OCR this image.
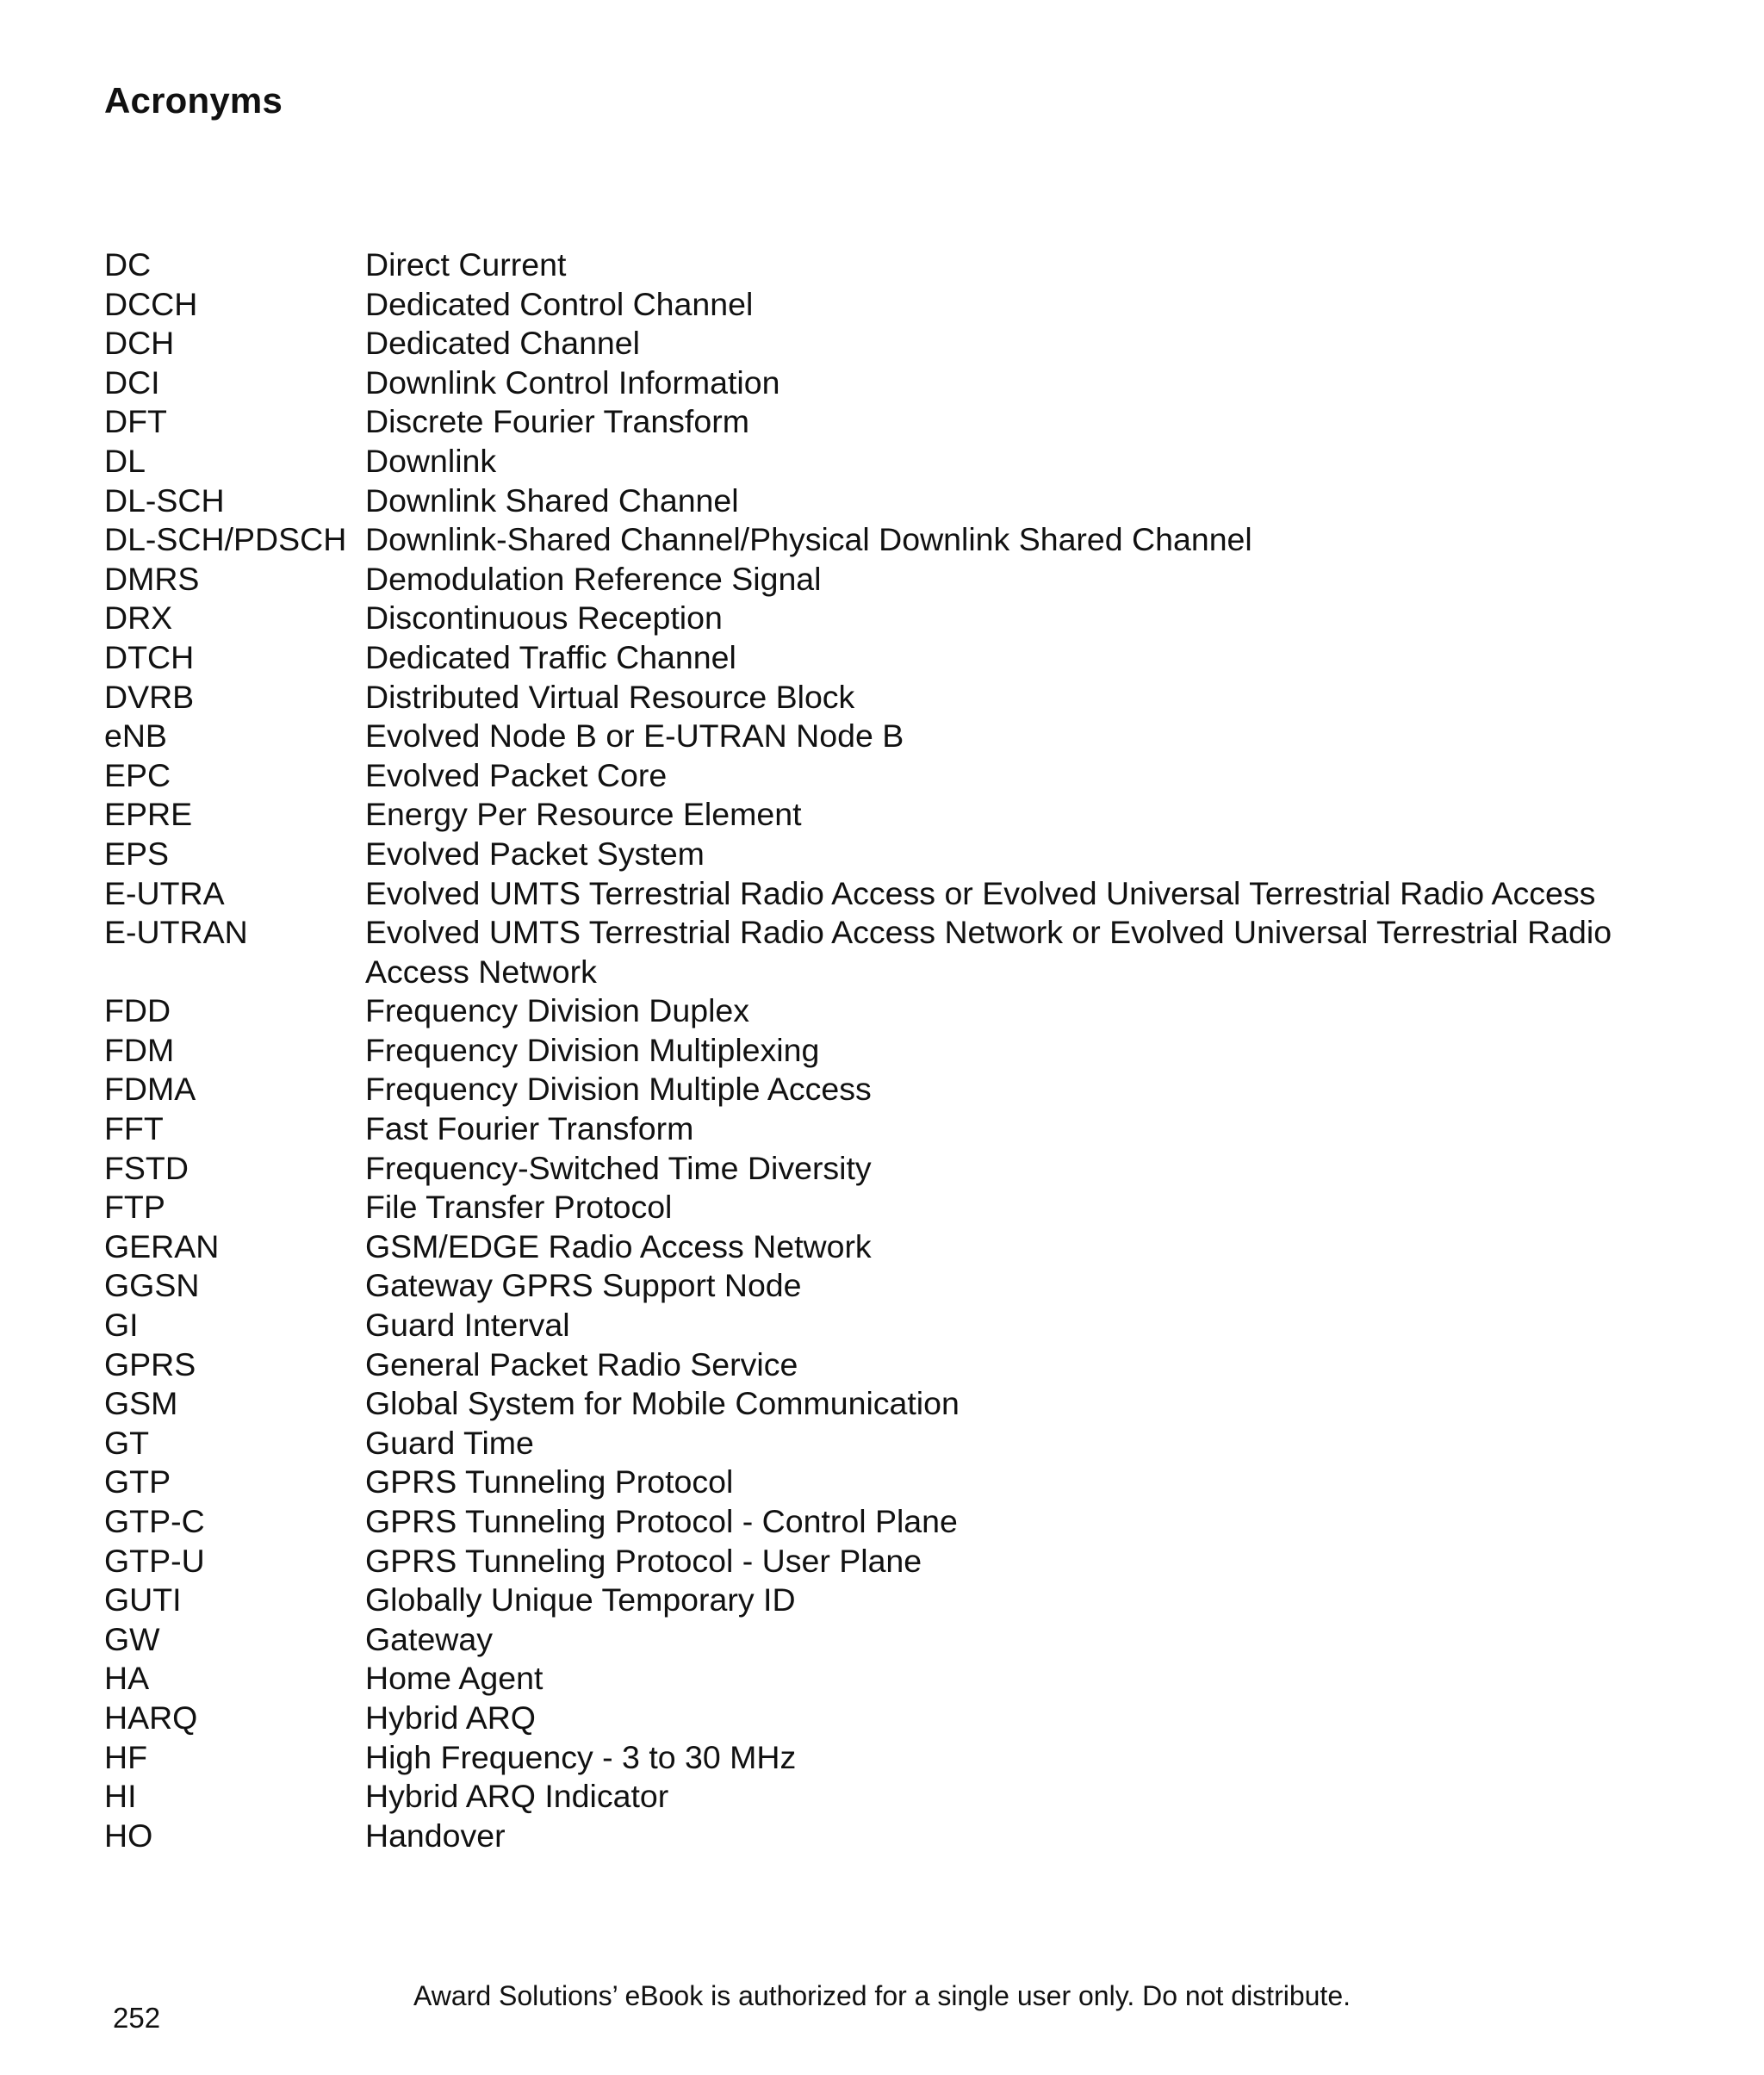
Acronyms
DC	Direct Current
DCCH	Dedicated Control Channel
DCH	Dedicated Channel
DCI	Downlink Control Information
DFT	Discrete Fourier Transform
DL	Downlink
DL-SCH	Downlink Shared Channel
DL-SCH/PDSCH Downlink-Shared Channel/Physical Downlink Shared Channel
DMRS	Demodulation Reference Signal
DRX	Discontinuous Reception
DTCH	Dedicated Traffic Channel
DVRB	Distributed Virtual Resource Block
eNB	Evolved Node B or E-UTRAN Node B
EPC	Evolved Packet Core
EPRE	Energy Per Resource Element
EPS	Evolved Packet System
E-UTRA	Evolved UMTS Terrestrial Radio Access or Evolved Universal Terrestrial Radio Access
E-UTRAN	Evolved UMTS Terrestrial Radio Access Network or Evolved Universal Terrestrial Radio Access Network
FDD	Frequency Division Duplex
FDM	Frequency Division Multiplexing
FDMA	Frequency Division Multiple Access
FFT	Fast Fourier Transform
FSTD	Frequency-Switched Time Diversity
FTP	File Transfer Protocol
GERAN	GSM/EDGE Radio Access Network
GGSN	Gateway GPRS Support Node
GI	Guard Interval
GPRS	General Packet Radio Service
GSM	Global System for Mobile Communication
GT	Guard Time
GTP	GPRS Tunneling Protocol
GTP-C	GPRS Tunneling Protocol - Control Plane
GTP-U	GPRS Tunneling Protocol - User Plane
GUTI	Globally Unique Temporary ID
GW	Gateway
HA	Home Agent
HARQ	Hybrid ARQ
HF	High Frequency - 3 to 30 MHz
HI	Hybrid ARQ Indicator
HO	Handover
Award Solutions’ eBook is authorized for a single user only. Do not distribute.
252
